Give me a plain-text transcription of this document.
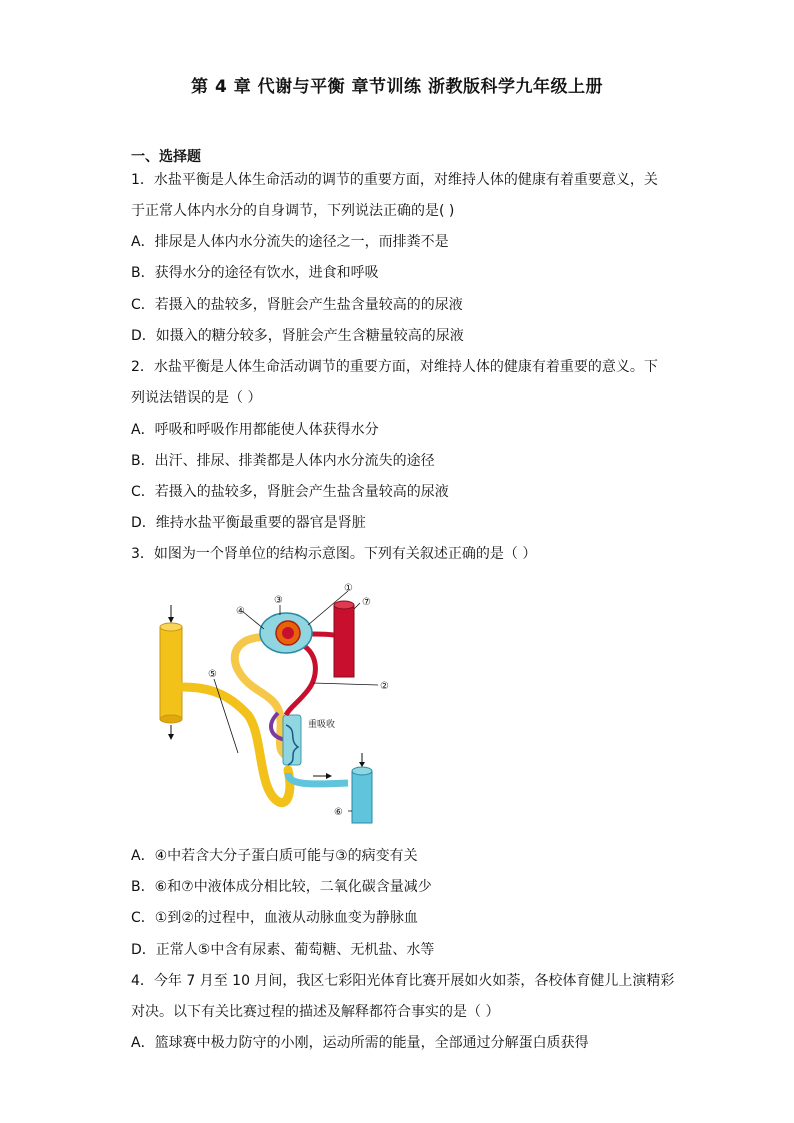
第 4 章 代谢与平衡 章节训练 浙教版科学九年级上册
一、选择题
1．水盐平衡是人体生命活动的调节的重要方面，对维持人体的健康有着重要意义，关
于正常人体内水分的自身调节，下列说法正确的是( )
A．排尿是人体内水分流失的途径之一，而排粪不是
B．获得水分的途径有饮水，进食和呼吸
C．若摄入的盐较多，肾脏会产生盐含量较高的的尿液
D．如摄入的糖分较多，肾脏会产生含糖量较高的尿液
2．水盐平衡是人体生命活动调节的重要方面，对维持人体的健康有着重要的意义。下
列说法错误的是（ ）
A．呼吸和呼吸作用都能使人体获得水分
B．出汗、排尿、排粪都是人体内水分流失的途径
C．若摄入的盐较多，肾脏会产生盐含量较高的尿液
D．维持水盐平衡最重要的器官是肾脏
3．如图为一个肾单位的结构示意图。下列有关叙述正确的是（ ）
④
③
①
⑦
②
⑤
⑥
重吸收
A．④中若含大分子蛋白质可能与③的病变有关
B．⑥和⑦中液体成分相比较，二氧化碳含量减少
C．①到②的过程中，血液从动脉血变为静脉血
D．正常人⑤中含有尿素、葡萄糖、无机盐、水等
4．今年 7 月至 10 月间，我区七彩阳光体育比赛开展如火如荼，各校体育健儿上演精彩
对决。以下有关比赛过程的描述及解释都符合事实的是（ ）
A．篮球赛中极力防守的小刚，运动所需的能量，全部通过分解蛋白质获得
